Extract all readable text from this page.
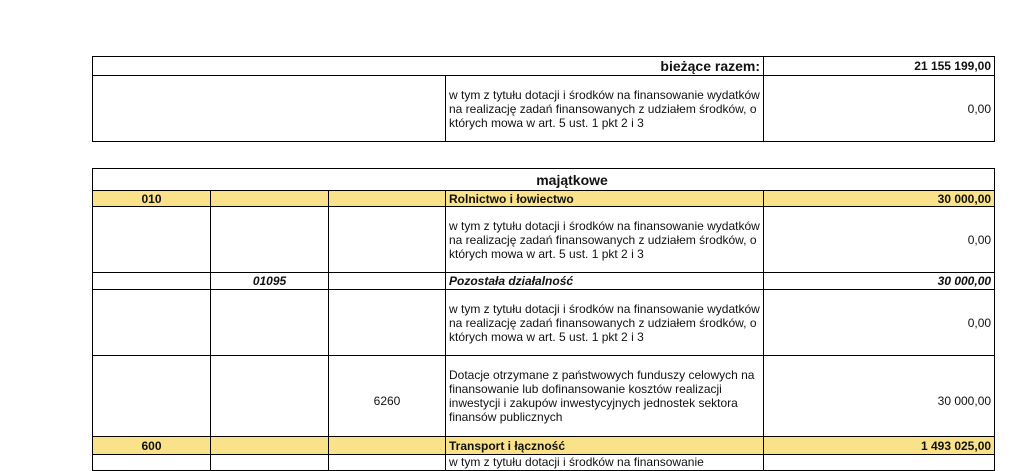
bieżące razem:		21 155 199,00
	w tym z tytułu dotacji i środków na finansowanie wydatków na realizację zadań finansowanych z udziałem środków, o których mowa w art. 5 ust. 1 pkt 2 i 3	0,00
majątkowe				
010			Rolnictwo i łowiectwo	30 000,00
			w tym z tytułu dotacji i środków na finansowanie wydatków na realizację zadań finansowanych z udziałem środków, o których mowa w art. 5 ust. 1 pkt 2 i 3	0,00
	01095		Pozostała działalność	30 000,00
			w tym z tytułu dotacji i środków na finansowanie wydatków na realizację zadań finansowanych z udziałem środków, o których mowa w art. 5 ust. 1 pkt 2 i 3	0,00
		6260	Dotacje otrzymane z państwowych funduszy celowych na finansowanie lub dofinansowanie kosztów realizacji inwestycji i zakupów inwestycyjnych jednostek sektora finansów publicznych	30 000,00
600			Transport i łączność	1 493 025,00
			w tym z tytułu dotacji i środków na finansowanie	
